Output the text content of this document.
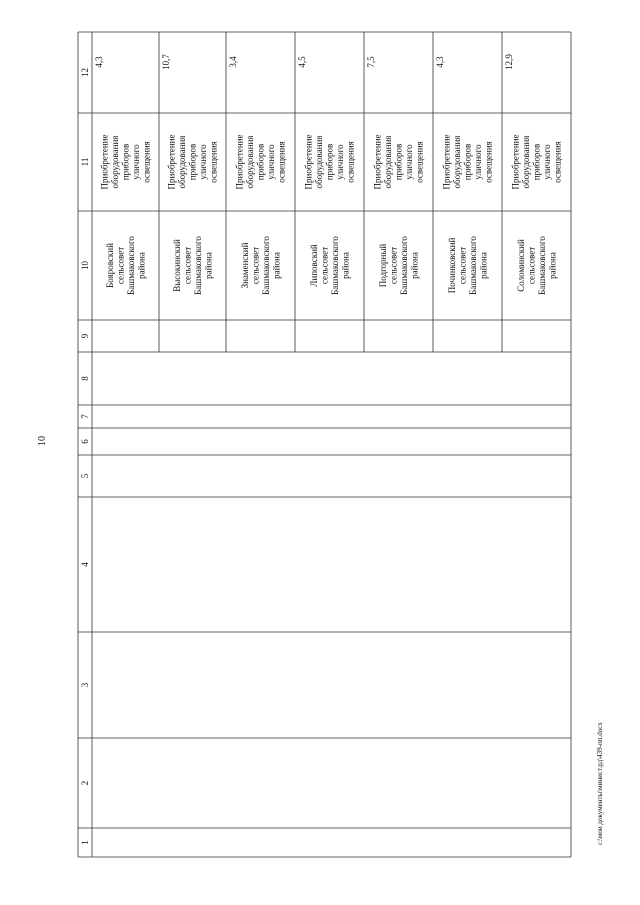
10
1
2
3
4
5
6
7
8
9
10
11
12
4,3
Приобретение оборудования приборов уличного освещения
Бояровский сельсовет Башмаковского района
10,7
Приобретение оборудования приборов уличного освещения
Высокинский сельсовет Башмаковского района
3,4
Приобретение оборудования приборов уличного освещения
Знаменский сельсовет Башмаковского района
4,5
Приобретение оборудования приборов уличного освещения
Липовский сельсовет Башмаковского района
7,5
Приобретение оборудования приборов уличного освещения
Подгорный сельсовет Башмаковского района
4,3
Приобретение оборудования приборов уличного освещения
Починковский сельсовет Башмаковского района
12,9
Приобретение оборудования приборов уличного освещения
Соломинский сельсовет Башмаковского района
c:\мои документы\минист.рд\439-пп.docx
